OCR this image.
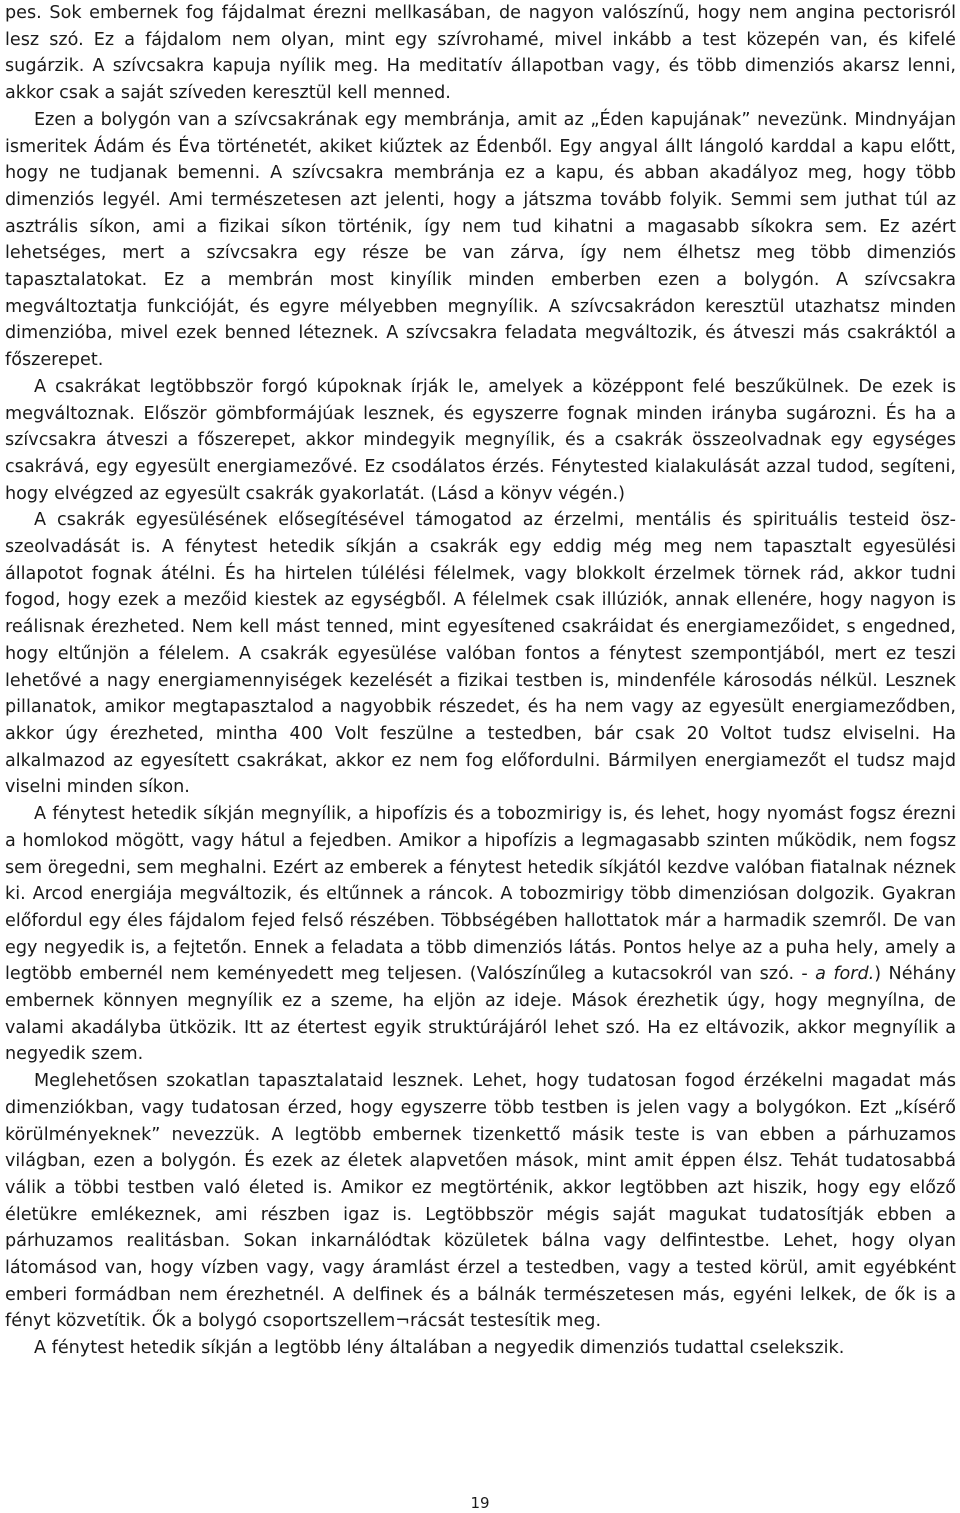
pes. Sok embernek fog fájdalmat érezni mellkasában, de nagyon valószínű, hogy nem angina pectorisról lesz szó. Ez a fájdalom nem olyan, mint egy szívrohamé, mivel inkább a test közepén van, és kifelé sugárzik. A szívcsakra kapuja nyílik meg. Ha meditatív állapotban vagy, és több dimenziós akarsz lenni, akkor csak a saját szíveden keresztül kell menned.

Ezen a bolygón van a szívcsakrának egy membránja, amit az „Éden kapujának” nevezünk. Mindnyájan ismeritek Ádám és Éva történetét, akiket kiűztek az Édenből. Egy angyal állt lángoló karddal a kapu előtt, hogy ne tudjanak bemenni. A szívcsakra membránja ez a kapu, és abban akadályoz meg, hogy több dimenziós legyél. Ami természetesen azt jelenti, hogy a játszma tovább folyik. Semmi sem juthat túl az asztrális síkon, ami a fizikai síkon történik, így nem tud kihatni a magasabb síkokra sem. Ez azért lehetséges, mert a szívcsakra egy része be van zárva, így nem élhetsz meg több dimenziós tapasztalatokat. Ez a membrán most kinyílik minden emberben ezen a bolygón. A szívcsakra megváltoztatja funkcióját, és egyre mélyebben megnyílik. A szívcsakrádon keresztül utazhatsz minden dimenzióba, mivel ezek benned léteznek. A szívcsakra feladata megváltozik, és átveszi más csakráktól a főszerepet.

A csakrákat legtöbbször forgó kúpoknak írják le, amelyek a középpont felé beszűkülnek. De ezek is megváltoznak. Először gömbformájúak lesznek, és egyszerre fognak minden irányba sugározni. És ha a szívcsakra átveszi a főszerepet, akkor mindegyik megnyílik, és a csakrák összeolvadnak egy egységes csakrává, egy egyesült energiamezővé. Ez csodálatos érzés. Fénytested kialakulását azzal tudod, segíteni, hogy elvégzed az egyesült csakrák gyakorlatát. (Lásd a könyv végén.)

A csakrák egyesülésének elősegítésével támogatod az érzelmi, mentális és spirituális testeid öszszeolvadását is. A fénytest hetedik síkján a csakrák egy eddig még meg nem tapasztalt egyesülési állapotot fognak átélni. És ha hirtelen túlélési félelmek, vagy blokkolt érzelmek törnek rád, akkor tudni fogod, hogy ezek a mezőid kiestek az egységből. A félelmek csak illúziók, annak ellenére, hogy nagyon is reálisnak érezheted. Nem kell mást tenned, mint egyesítened csakráidat és energiamezőidet, s engedned, hogy eltűnjön a félelem. A csakrák egyesülése valóban fontos a fénytest szempontjából, mert ez teszi lehetővé a nagy energiamennyiségek kezelését a fizikai testben is, mindenféle károsodás nélkül. Lesznek pillanatok, amikor megtapasztalod a nagyobbik részedet, és ha nem vagy az egyesült energiameződben, akkor úgy érezheted, mintha 400 Volt feszülne a testedben, bár csak 20 Voltot tudsz elviselni. Ha alkalmazod az egyesített csakrákat, akkor ez nem fog előfordulni. Bármilyen energiamezőt el tudsz majd viselni minden síkon.

A fénytest hetedik síkján megnyílik, a hipofízis és a tobozmirigy is, és lehet, hogy nyomást fogsz érezni a homlokod mögött, vagy hátul a fejedben. Amikor a hipofízis a legmagasabb szinten működik, nem fogsz sem öregedni, sem meghalni. Ezért az emberek a fénytest hetedik síkjától kezdve valóban fiatalnak néznek ki. Arcod energiája megváltozik, és eltűnnek a ráncok. A tobozmirigy több dimenziósan dolgozik. Gyakran előfordul egy éles fájdalom fejed felső részében. Többségében hallottatok már a harmadik szemről. De van egy negyedik is, a fejtetőn. Ennek a feladata a több dimenziós látás. Pontos helye az a puha hely, amely a legtöbb embernél nem keményedett meg teljesen. (Valószínűleg a kutacsokról van szó. - a ford.) Néhány embernek könnyen megnyílik ez a szeme, ha eljön az ideje. Mások érezhetik úgy, hogy megnyílna, de valami akadályba ütközik. Itt az étertest egyik struktúrájáról lehet szó. Ha ez eltávozik, akkor megnyílik a negyedik szem.

Meglehetősen szokatlan tapasztalataid lesznek. Lehet, hogy tudatosan fogod érzékelni magadat más dimenziókban, vagy tudatosan érzed, hogy egyszerre több testben is jelen vagy a bolygókon. Ezt „kísérő körülményeknek” nevezzük. A legtöbb embernek tizenkettő másik teste is van ebben a párhuzamos világban, ezen a bolygón. És ezek az életek alapvetően mások, mint amit éppen élsz. Tehát tudatosabbá válik a többi testben való életed is. Amikor ez megtörténik, akkor legtöbben azt hiszik, hogy egy előző életükre emlékeznek, ami részben igaz is. Legtöbbször mégis saját magukat tudatosítják ebben a párhuzamos realitásban. Sokan inkarnálódtak közületek bálna vagy delfintestbe. Lehet, hogy olyan látomásod van, hogy vízben vagy, vagy áramlást érzel a testedben, vagy a tested körül, amit egyébként emberi formádban nem érezhetnél. A delfinek és a bálnák természetesen más, egyéni lelkek, de ők is a fényt közvetítik. Ők a bolygó csoportszellem¬rácsát testesítik meg.

A fénytest hetedik síkján a legtöbb lény általában a negyedik dimenziós tudattal cselekszik.

19
